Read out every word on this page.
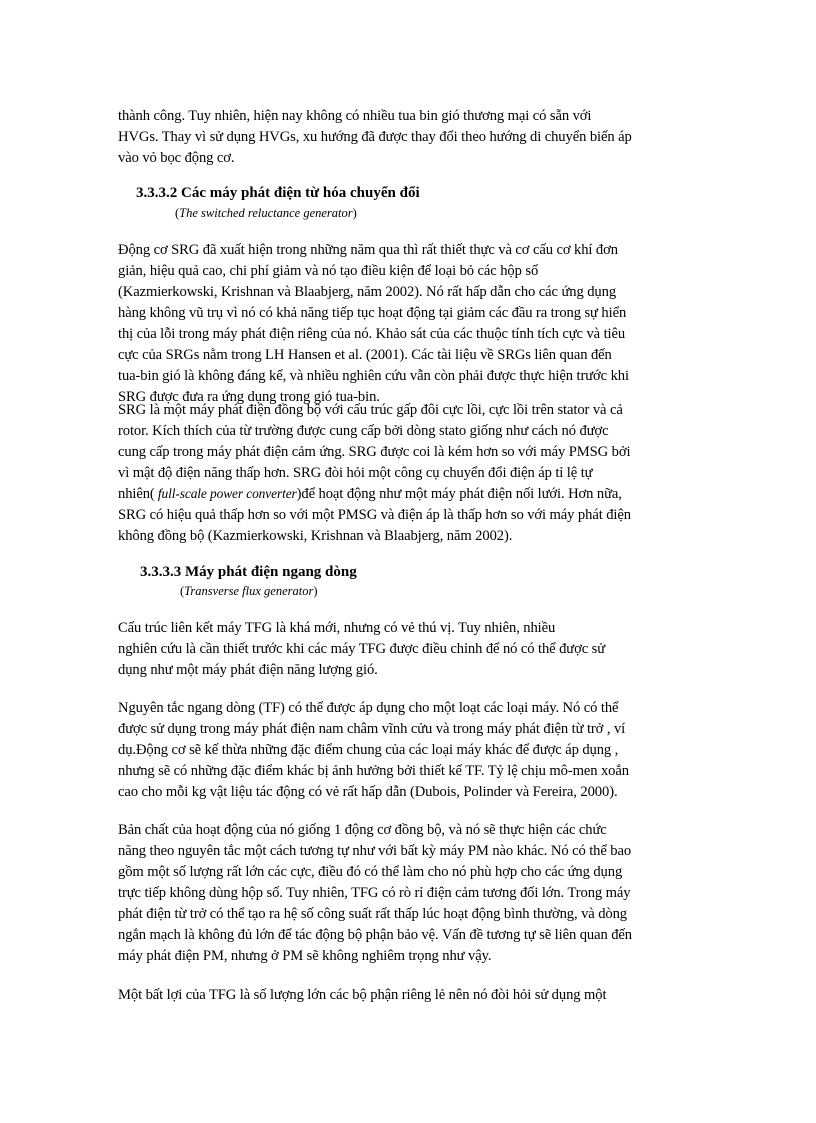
thành công. Tuy nhiên, hiện nay không có nhiều tua bin gió thương mại có sẵn với
HVGs. Thay vì sử dụng HVGs, xu hướng đã được thay đổi theo hướng di chuyển biến áp
vào vỏ bọc động cơ.
3.3.3.2 Các máy phát điện từ hóa chuyển đổi
(The switched reluctance generator)
Động cơ SRG đã xuất hiện trong những năm qua thì rất thiết thực và cơ cấu cơ khí đơn
giản, hiệu quả cao, chi phí giảm và nó tạo điều kiện để loại bỏ các hộp số
(Kazmierkowski, Krishnan và Blaabjerg, năm 2002). Nó rất hấp dẫn cho các ứng dụng
hàng không vũ trụ vì nó có khả năng tiếp tục hoạt động tại giảm các đầu ra trong sự hiển
thị của lỗi trong máy phát điện riêng của nó. Khảo sát của các thuộc tính tích cực và tiêu
cực của SRGs nằm trong LH Hansen et al. (2001). Các tài liệu về SRGs liên quan đến
tua-bin gió là không đáng kể, và nhiều nghiên cứu vẫn còn phải được thực hiện trước khi
SRG được đưa ra ứng dụng trong gió tua-bin.
SRG là một máy phát điện đồng bộ với cấu trúc gấp đôi cực lồi, cực lồi trên stator và cả
rotor. Kích thích của từ trường được cung cấp bởi dòng stato giống như cách nó được
cung cấp trong máy phát điện cảm ứng. SRG được coi là kém hơn so với máy PMSG bởi
vì mật độ điện năng thấp hơn. SRG đòi hỏi một công cụ chuyển đổi điện áp tỉ lệ tự
nhiên( full-scale power converter)để hoạt động như một máy phát điện nối lưới. Hơn nữa,
SRG có hiệu quả thấp hơn so với một PMSG và điện áp là thấp hơn so với máy phát điện
không đồng bộ (Kazmierkowski, Krishnan và Blaabjerg, năm 2002).
3.3.3.3 Máy phát điện ngang dòng
(Transverse flux generator)
Cấu trúc liên kết máy TFG là khá mới, nhưng có vẻ thú vị. Tuy nhiên, nhiều
nghiên cứu là cần thiết trước khi các máy TFG được điều chỉnh để nó có thể được sử
dụng như một máy phát điện năng lượng gió.
Nguyên tắc ngang dòng (TF) có thể được áp dụng cho một loạt các loại máy. Nó có thể
được sử dụng trong máy phát điện nam châm vĩnh cửu và trong máy phát điện từ trở , ví
dụ.Động cơ sẽ kế thừa những đặc điểm chung của các loại máy khác để được áp dụng ,
nhưng sẽ có những đặc điểm khác bị ảnh hưởng bởi thiết kế TF. Tỷ lệ chịu mô-men xoắn
cao cho mỗi kg vật liệu tác động có vẻ rất hấp dẫn (Dubois, Polinder và Fereira, 2000).
Bản chất của hoạt động của nó giống 1 động cơ đồng bộ, và nó sẽ thực hiện các chức
năng theo nguyên tắc một cách tương tự như với bất kỳ máy PM nào khác. Nó có thể bao
gồm một số lượng rất lớn các cực, điều đó có thể làm cho nó phù hợp cho các ứng dụng
trực tiếp không dùng hộp số. Tuy nhiên, TFG có rò rỉ điện cảm tương đối lớn. Trong máy
phát điện từ trở có thể tạo ra hệ số công suất rất thấp lúc hoạt động bình thường, và dòng
ngắn mạch là không đủ lớn để tác động bộ phận bảo vệ. Vấn đề tương tự sẽ liên quan đến
máy phát điện PM, nhưng ở PM sẽ không nghiêm trọng như vậy.
Một bất lợi của TFG là số lượng lớn các bộ phận riêng lẻ nên nó đòi hỏi sử dụng một
